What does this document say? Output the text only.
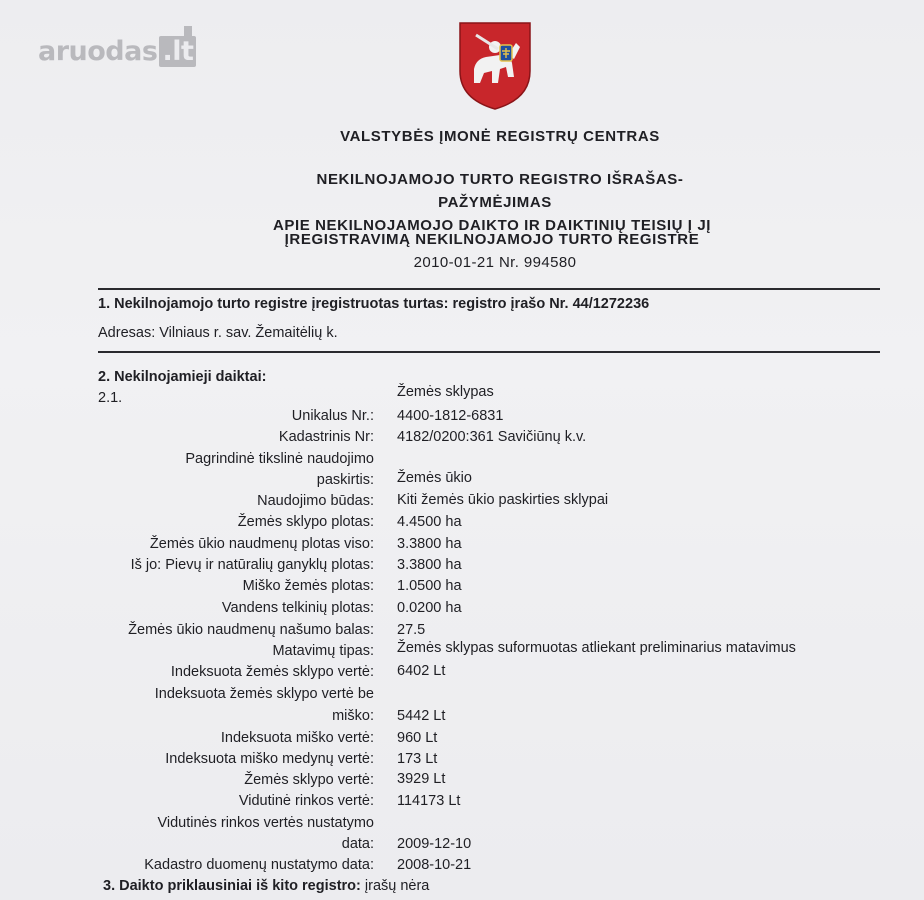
aruodas .lt
VALSTYBĖS ĮMONĖ REGISTRŲ CENTRAS
NEKILNOJAMOJO TURTO REGISTRO IŠRAŠAS-
PAŽYMĖJIMAS
APIE NEKILNOJAMOJO DAIKTO IR DAIKTINIŲ TEISIŲ Į JĮ
ĮREGISTRAVIMĄ NEKILNOJAMOJO TURTO REGISTRE
2010-01-21 Nr. 994580
1. Nekilnojamojo turto registre įregistruotas turtas: registro įrašo Nr. 44/1272236
Adresas: Vilniaus r. sav. Žemaitėlių k.
2. Nekilnojamieji daiktai:
2.1.	Žemės sklypas
Unikalus Nr.: 4400-1812-6831
Kadastrinis Nr: 4182/0200:361 Savičiūnų k.v.
Pagrindinė tikslinė naudojimo
paskirtis: Žemės ūkio
Naudojimo būdas: Kiti žemės ūkio paskirties sklypai
Žemės sklypo plotas: 4.4500 ha
Žemės ūkio naudmenų plotas viso: 3.3800 ha
Iš jo: Pievų ir natūralių ganyklų plotas: 3.3800 ha
Miško žemės plotas: 1.0500 ha
Vandens telkinių plotas: 0.0200 ha
Žemės ūkio naudmenų našumo balas: 27.5
Matavimų tipas: Žemės sklypas suformuotas atliekant preliminarius matavimus
Indeksuota žemės sklypo vertė: 6402 Lt
Indeksuota žemės sklypo vertė be
miško: 5442 Lt
Indeksuota miško vertė: 960 Lt
Indeksuota miško medynų vertė: 173 Lt
Žemės sklypo vertė: 3929 Lt
Vidutinė rinkos vertė: 114173 Lt
Vidutinės rinkos vertės nustatymo
data: 2009-12-10
Kadastro duomenų nustatymo data: 2008-10-21
3. Daikto priklausiniai iš kito registro: įrašų nėra
